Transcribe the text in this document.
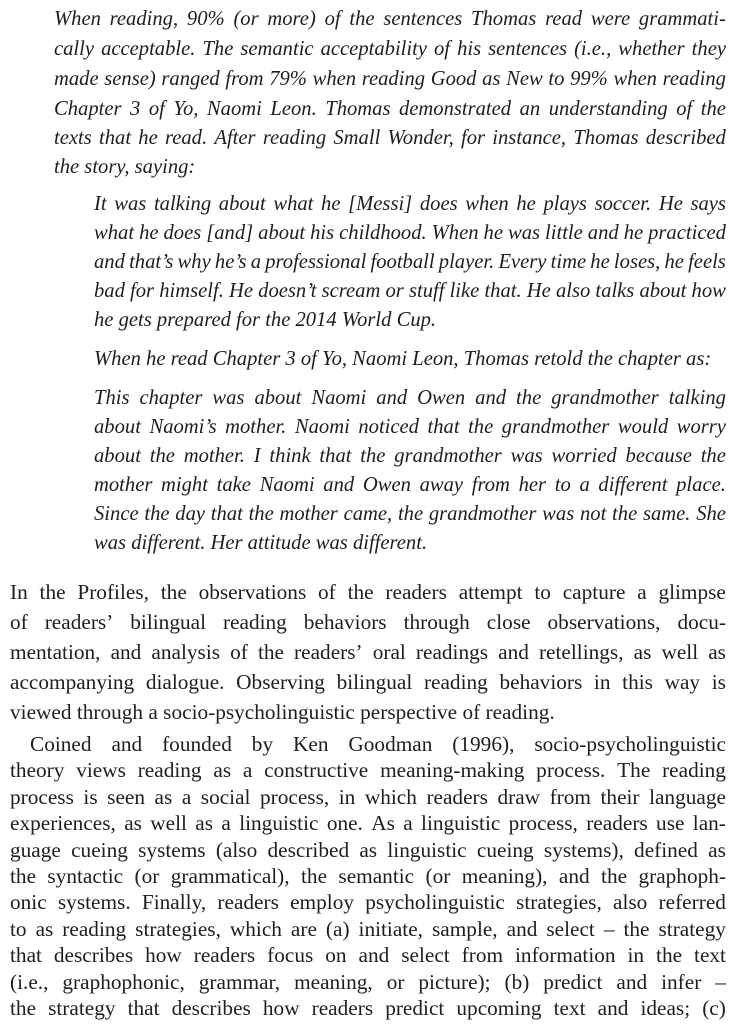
When reading, 90% (or more) of the sentences Thomas read were grammati-

cally acceptable. The semantic acceptability of his sentences (i.e., whether they

made sense) ranged from 79% when reading Good as New to 99% when reading

Chapter 3 of Yo, Naomi Leon. Thomas demonstrated an understanding of the

texts that he read. After reading Small Wonder, for instance, Thomas described

the story, saying:

It was talking about what he [Messi] does when he plays soccer. He says

what he does [and] about his childhood. When he was little and he practiced

and that’s why he’s a professional football player. Every time he loses, he feels

bad for himself. He doesn’t scream or stuff like that. He also talks about how

he gets prepared for the 2014 World Cup.

When he read Chapter 3 of Yo, Naomi Leon, Thomas retold the chapter as:

This chapter was about Naomi and Owen and the grandmother talking

about Naomi’s mother. Naomi noticed that the grandmother would worry

about the mother. I think that the grandmother was worried because the

mother might take Naomi and Owen away from her to a different place.

Since the day that the mother came, the grandmother was not the same. She

was different. Her attitude was different.

In the Profiles, the observations of the readers attempt to capture a glimpse

of readers’ bilingual reading behaviors through close observations, docu-

mentation, and analysis of the readers’ oral readings and retellings, as well as

accompanying dialogue. Observing bilingual reading behaviors in this way is

viewed through a socio-psycholinguistic perspective of reading.

Coined and founded by Ken Goodman (1996), socio-psycholinguistic

theory views reading as a constructive meaning-making process. The reading

process is seen as a social process, in which readers draw from their language

experiences, as well as a linguistic one. As a linguistic process, readers use lan-

guage cueing systems (also described as linguistic cueing systems), defined as

the syntactic (or grammatical), the semantic (or meaning), and the graphoph-

onic systems. Finally, readers employ psycholinguistic strategies, also referred

to as reading strategies, which are (a) initiate, sample, and select – the strategy

that describes how readers focus on and select from information in the text

(i.e., graphophonic, grammar, meaning, or picture); (b) predict and infer –

the strategy that describes how readers predict upcoming text and ideas; (c)
